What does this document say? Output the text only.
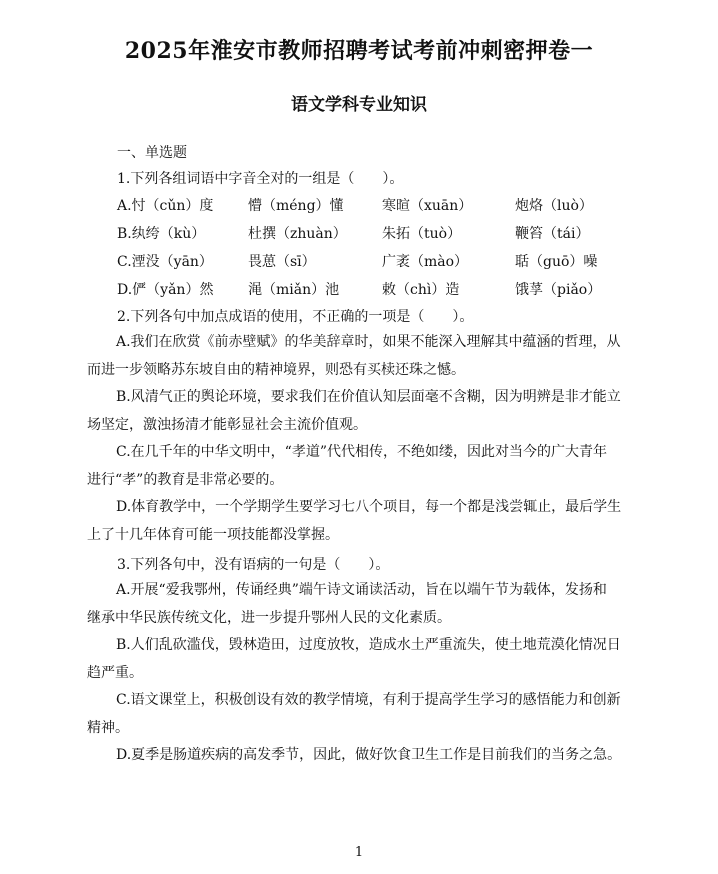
2025年淮安市教师招聘考试考前冲刺密押卷一
语文学科专业知识
一、单选题
1.下列各组词语中字音全对的一组是（　　）。
A.忖（cǔn）度 懵（méng）懂	寒暄（xuān）	炮烙（luò）
B.纨绔（kù）	杜撰（zhuàn）	朱拓（tuò）	鞭笞（tái）
C.湮没（yān）	畏葸（sī）	广袤（mào）	聒（guō）噪
D.俨（yǎn）然 渑（miǎn）池	敕（chì）造	饿莩（piǎo）
2.下列各句中加点成语的使用，不正确的一项是（　　）。
A.我们在欣赏《前赤壁赋》的华美辞章时，如果不能深入理解其中蕴涵的哲理，从
而进一步领略苏东坡自由的精神境界，则恐有买椟还珠之憾。
B.风清气正的舆论环境，要求我们在价值认知层面毫不含糊，因为明辨是非才能立
场坚定，激浊扬清才能彰显社会主流价值观。
C.在几千年的中华文明中，“孝道”代代相传，不绝如缕，因此对当今的广大青年
进行“孝”的教育是非常必要的。
D.体育教学中，一个学期学生要学习七八个项目，每一个都是浅尝辄止，最后学生
上了十几年体育可能一项技能都没掌握。
3.下列各句中，没有语病的一句是（　　）。
A.开展“爱我鄂州，传诵经典”端午诗文诵读活动，旨在以端午节为载体，发扬和
继承中华民族传统文化，进一步提升鄂州人民的文化素质。
B.人们乱砍滥伐，毁林造田，过度放牧，造成水土严重流失，使土地荒漠化情况日
趋严重。
C.语文课堂上，积极创设有效的教学情境，有利于提高学生学习的感悟能力和创新
精神。
D.夏季是肠道疾病的高发季节，因此，做好饮食卫生工作是目前我们的当务之急。
1
